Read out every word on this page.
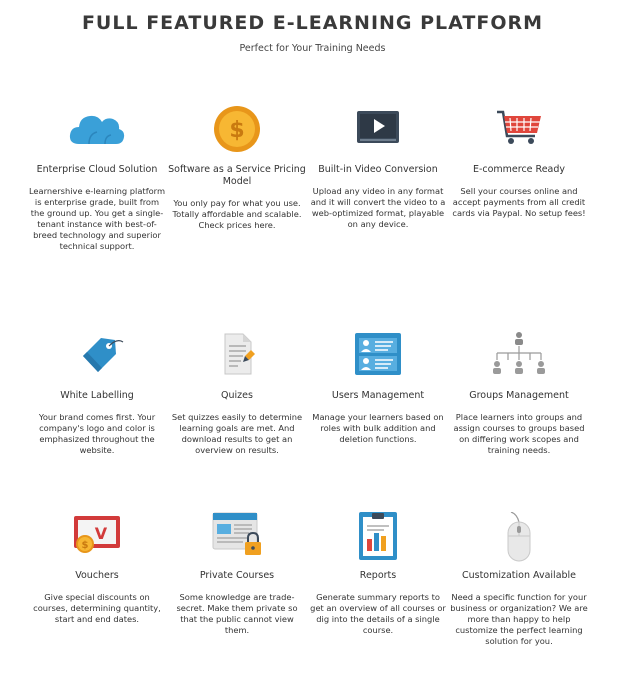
FULL FEATURED E-LEARNING PLATFORM
Perfect for Your Training Needs
Enterprise Cloud Solution
Learnershive e-learning platform is enterprise grade, built from the ground up. You get a single-tenant instance with best-of-breed technology and superior technical support.
$
Software as a Service Pricing Model
You only pay for what you use. Totally affordable and scalable.
Check prices here.
Built-in Video Conversion
Upload any video in any format and it will convert the video to a web-optimized format, playable on any device.
E-commerce Ready
Sell your courses online and accept payments from all credit cards via Paypal. No setup fees!
White Labelling
Your brand comes first. Your company's logo and color is emphasized throughout the website.
Quizes
Set quizzes easily to determine learning goals are met. And download results to get an overview on results.
Users Management
Manage your learners based on roles with bulk addition and deletion functions.
Groups Management
Place learners into groups and assign courses to groups based on differing work scopes and training needs.
V
$
Vouchers
Give special discounts on courses, determining quantity, start and end dates.
Private Courses
Some knowledge are trade-secret. Make them private so that the public cannot view them.
Reports
Generate summary reports to get an overview of all courses or dig into the details of a single course.
Customization Available
Need a specific function for your business or organization? We are more than happy to help customize the perfect learning solution for you.
